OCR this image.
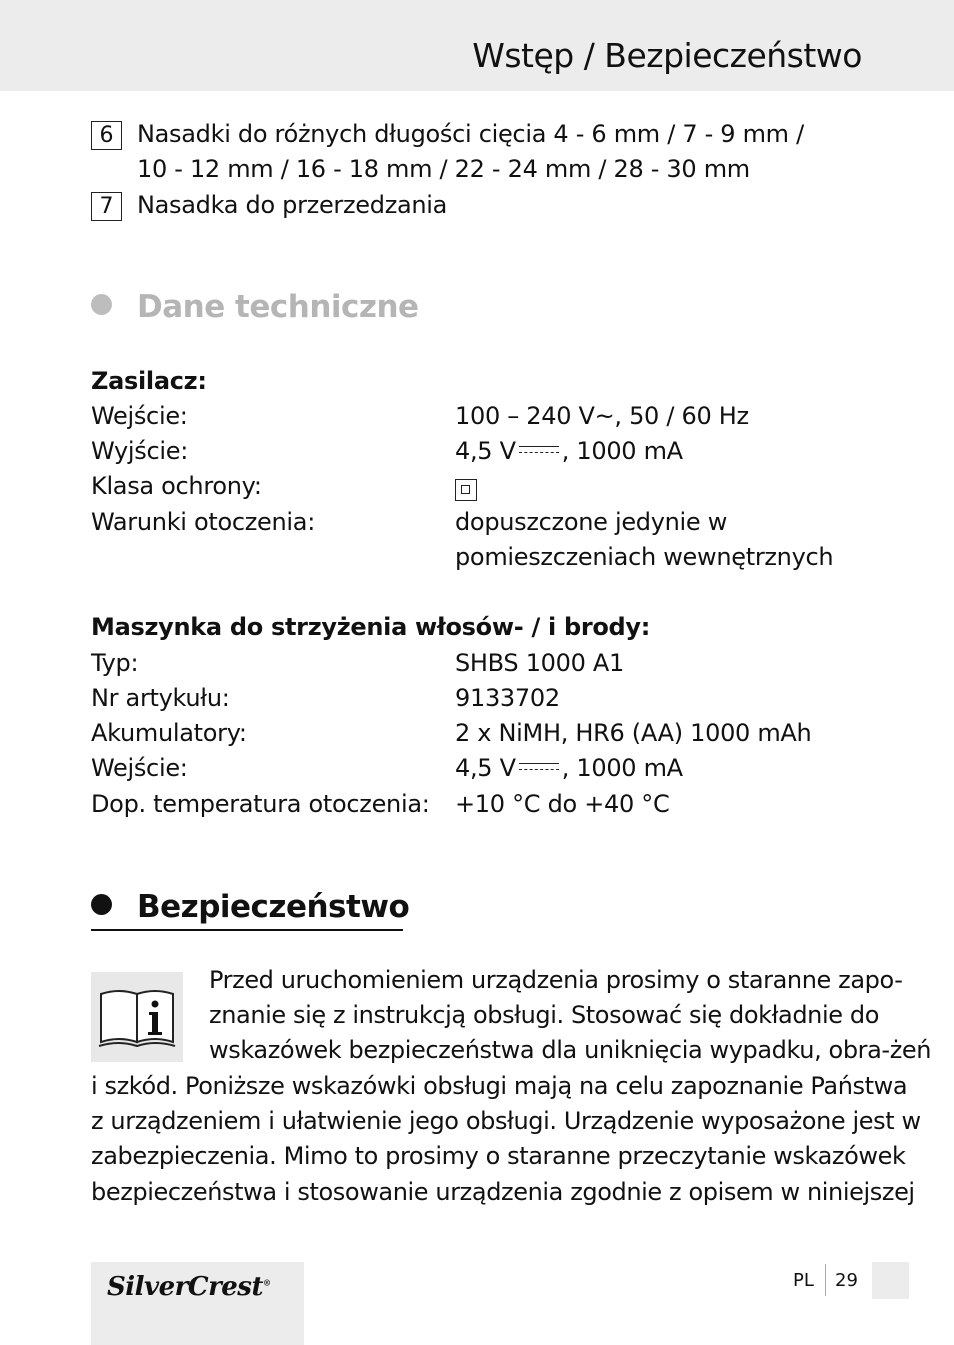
Wstęp / Bezpieczeństwo
6 Nasadki do różnych długości cięcia 4 - 6 mm / 7 - 9 mm /
10 - 12 mm / 16 - 18 mm / 22 - 24 mm / 28 - 30 mm
7 Nasadka do przerzedzania
Dane techniczne
Zasilacz:
Wejście:	100 – 240 V~, 50 / 60 Hz
Wyjście:	4,5 V , 1000 mA
Klasa ochrony:
Warunki otoczenia:	dopuszczone jedynie w
pomieszczeniach wewnętrznych
Maszynka do strzyżenia włosów- / i brody:
Typ:	SHBS 1000 A1
Nr artykułu:	9133702
Akumulatory:	2 x NiMH, HR6 (AA) 1000 mAh
Wejście:	4,5 V , 1000 mA
Dop. temperatura otoczenia: +10 °C do +40 °C
Bezpieczeństwo
Przed uruchomieniem urządzenia prosimy o staranne zapo-
znanie się z instrukcją obsługi. Stosować się dokładnie do
wskazówek bezpieczeństwa dla uniknięcia wypadku, obra-żeń
i szkód. Poniższe wskazówki obsługi mają na celu zapoznanie Państwa
z urządzeniem i ułatwienie jego obsługi. Urządzenie wyposażone jest w
zabezpieczenia. Mimo to prosimy o staranne przeczytanie wskazówek
bezpieczeństwa i stosowanie urządzenia zgodnie z opisem w niniejszej
SilverCrest®	PL 29
